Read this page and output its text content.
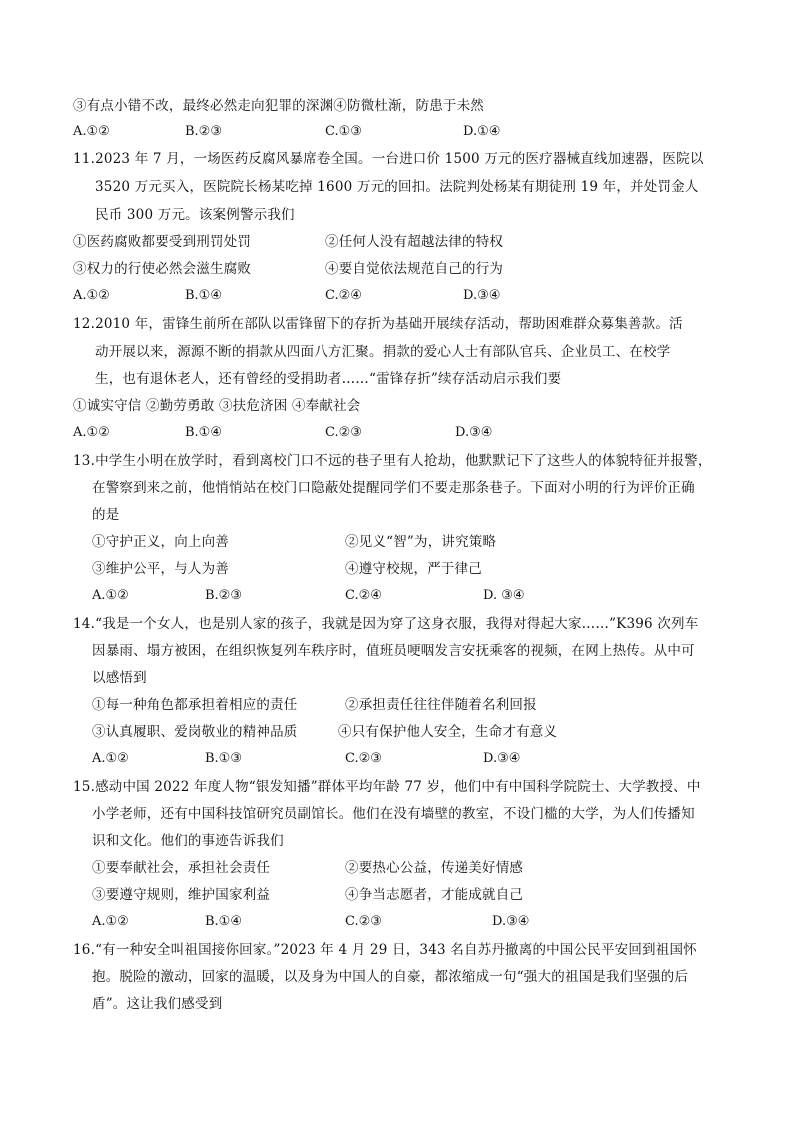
③有点小错不改，最终必然走向犯罪的深渊④防微杜渐，防患于未然
A.①②	B.②③	C.①③	D.①④
11.2023 年 7 月，一场医药反腐风暴席卷全国。一台进口价 1500 万元的医疗器械直线加速器，医院以
3520 万元买入，医院院长杨某吃掉 1600 万元的回扣。法院判处杨某有期徒刑 19 年，并处罚金人
民币 300 万元。该案例警示我们
①医药腐败都要受到刑罚处罚	②任何人没有超越法律的特权
③权力的行使必然会滋生腐败	④要自觉依法规范自己的行为
A.①②	B.①④	C.②④	D.③④
12.2010 年，雷锋生前所在部队以雷锋留下的存折为基础开展续存活动，帮助困难群众募集善款。活
动开展以来，源源不断的捐款从四面八方汇聚。捐款的爱心人士有部队官兵、企业员工、在校学
生，也有退休老人，还有曾经的受捐助者……“雷锋存折”续存活动启示我们要
①诚实守信 ②勤劳勇敢 ③扶危济困 ④奉献社会
A.①②	B.①④	C.②③	D.③④
13.中学生小明在放学时，看到离校门口不远的巷子里有人抢劫，他默默记下了这些人的体貌特征并报警，
在警察到来之前，他悄悄站在校门口隐蔽处提醒同学们不要走那条巷子。下面对小明的行为评价正确
的是
①守护正义，向上向善	②见义“智”为，讲究策略
③维护公平，与人为善	④遵守校规，严于律己
A.①②	B.②③	C.②④	D. ③④
14.“我是一个女人，也是别人家的孩子，我就是因为穿了这身衣服，我得对得起大家……”K396 次列车
因暴雨、塌方被困，在组织恢复列车秩序时，值班员哽咽发言安抚乘客的视频，在网上热传。从中可
以感悟到
①每一种角色都承担着相应的责任	②承担责任往往伴随着名利回报
③认真履职、爱岗敬业的精神品质	④只有保护他人安全，生命才有意义
A.①②	B.①③	C.②③	D.③④
15.感动中国 2022 年度人物“银发知播”群体平均年龄 77 岁，他们中有中国科学院院士、大学教授、中
小学老师，还有中国科技馆研究员副馆长。他们在没有墙壁的教室，不设门槛的大学，为人们传播知
识和文化。他们的事迹告诉我们
①要奉献社会，承担社会责任	②要热心公益，传递美好情感
③要遵守规则，维护国家利益	④争当志愿者，才能成就自己
A.①②	B.①④	C.②③	D.③④
16.“有一种安全叫祖国接你回家。”2023 年 4 月 29 日，343 名自苏丹撤离的中国公民平安回到祖国怀
抱。脱险的激动，回家的温暖，以及身为中国人的自豪，都浓缩成一句“强大的祖国是我们坚强的后
盾”。这让我们感受到
